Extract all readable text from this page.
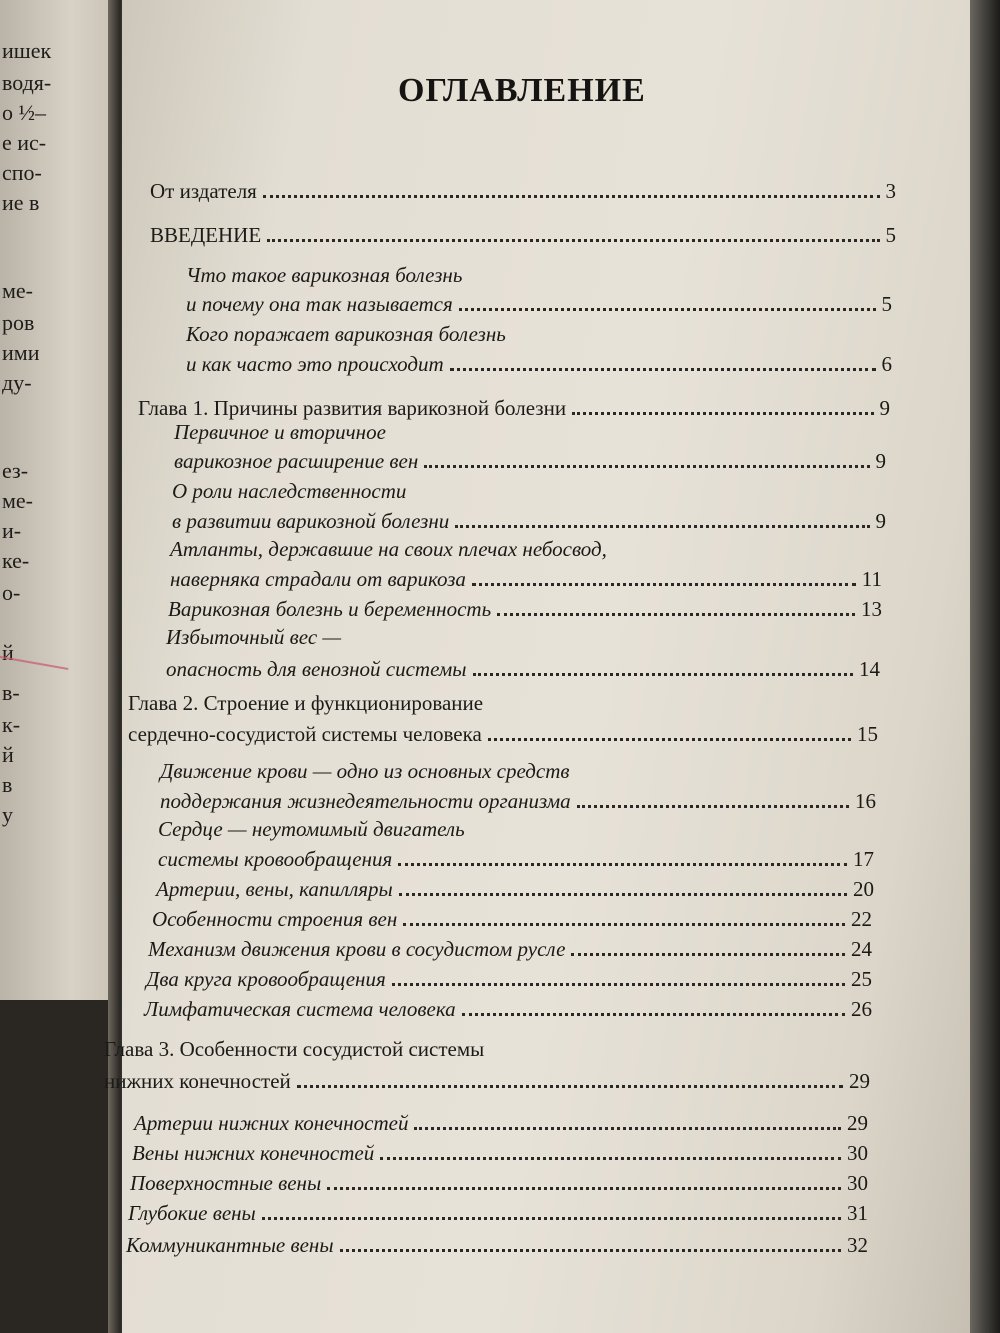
ишек
водя-
о ½–
е ис-
спо-
ие в
ме-
ров
ими
ду-
ез-
ме-
и-
ке-
о-
й
в-
к-
й
в
у
ОГЛАВЛЕНИЕ
От издателя	3
ВВЕДЕНИЕ	5
Что такое варикозная болезнь
и почему она так называется	5
Кого поражает варикозная болезнь
и как часто это происходит	6
Глава 1. Причины развития варикозной болезни	9
Первичное и вторичное
варикозное расширение вен	9
О роли наследственности
в развитии варикозной болезни	9
Атланты, державшие на своих плечах небосвод,
наверняка страдали от варикоза	11
Варикозная болезнь и беременность	13
Избыточный вес —
опасность для венозной системы	14
Глава 2. Строение и функционирование
сердечно-сосудистой системы человека	15
Движение крови — одно из основных средств
поддержания жизнедеятельности организма	16
Сердце — неутомимый двигатель
системы кровообращения	17
Артерии, вены, капилляры	20
Особенности строения вен	22
Механизм движения крови в сосудистом русле	24
Два круга кровообращения	25
Лимфатическая система человека	26
Глава 3. Особенности сосудистой системы
нижних конечностей	29
Артерии нижних конечностей	29
Вены нижних конечностей	30
Поверхностные вены	30
Глубокие вены	31
Коммуникантные вены	32
